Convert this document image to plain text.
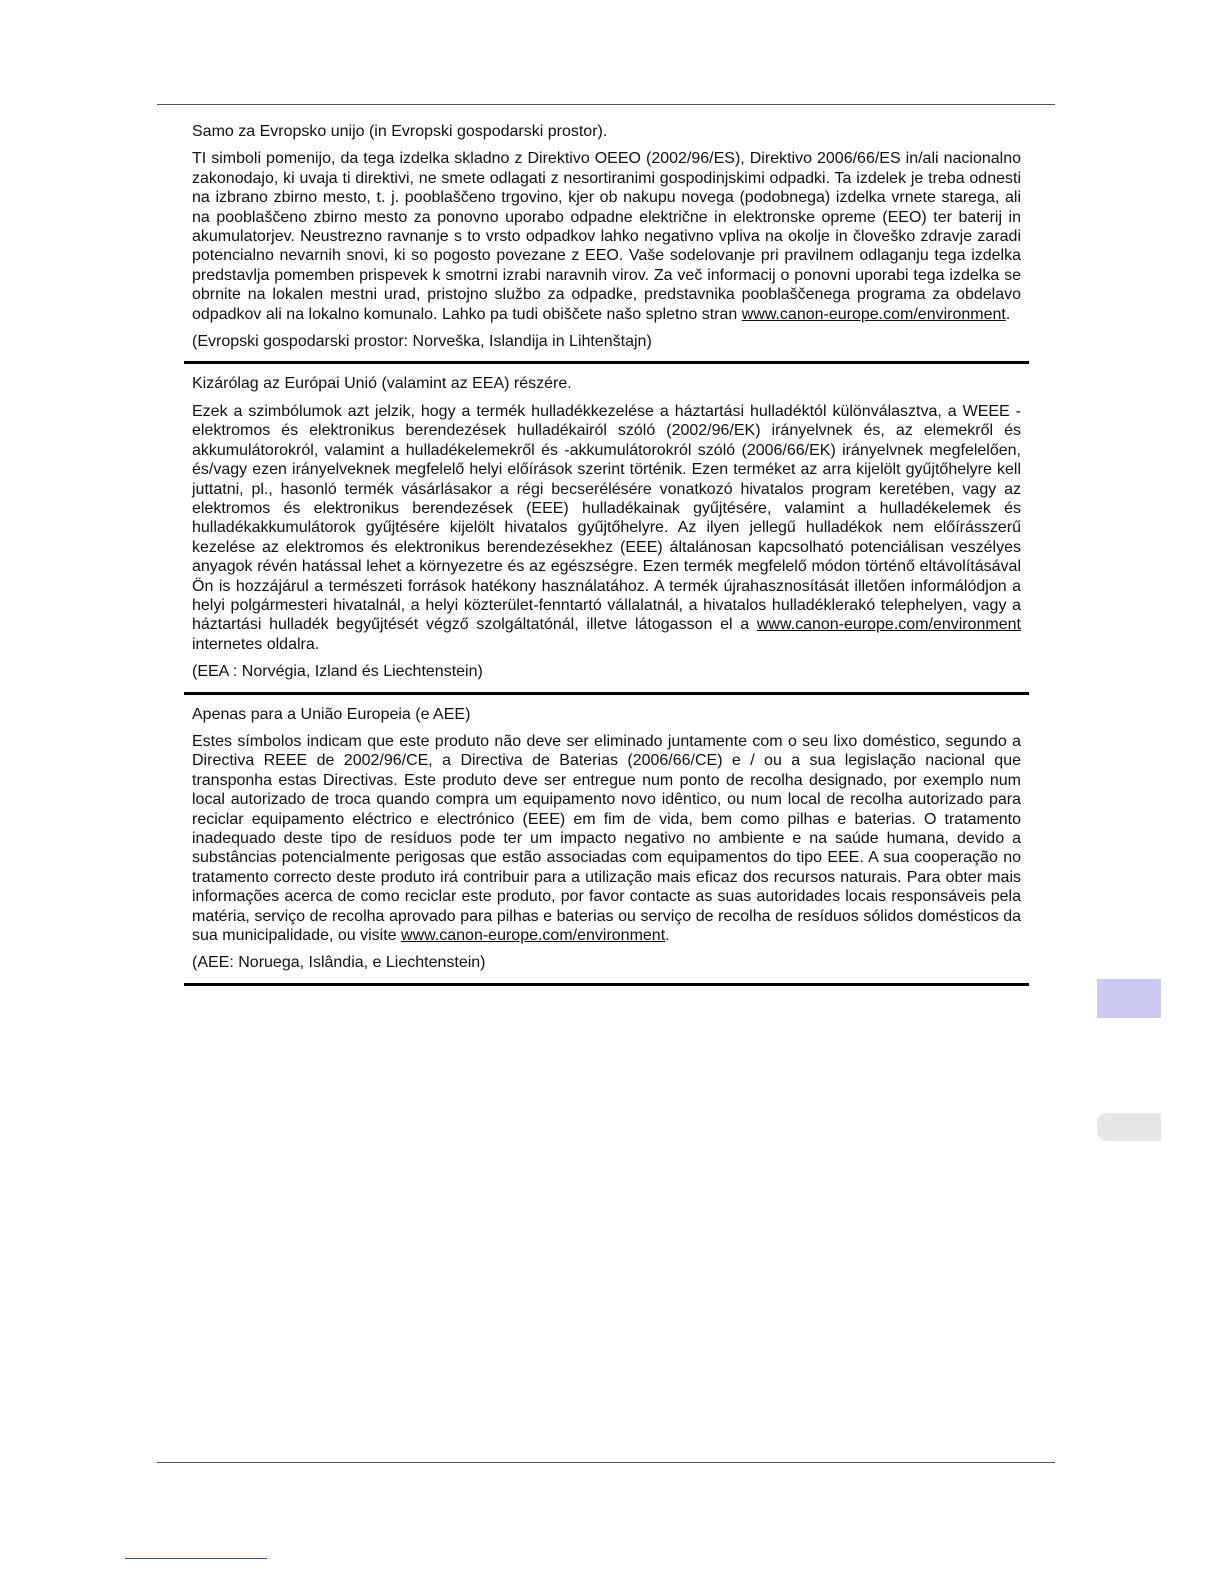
Samo za Evropsko unijo (in Evropski gospodarski prostor).

TI simboli pomenijo, da tega izdelka skladno z Direktivo OEEO (2002/96/ES), Direktivo 2006/66/ES in/ali nacionalno zakonodajo, ki uvaja ti direktivi, ne smete odlagati z nesortiranimi gospodinjskimi odpadki. Ta izdelek je treba odnesti na izbrano zbirno mesto, t. j. pooblaščeno trgovino, kjer ob nakupu novega (podobnega) izdelka vrnete starega, ali na pooblaščeno zbirno mesto za ponovno uporabo odpadne električne in elektronske opreme (EEO) ter baterij in akumulatorjev. Neustrezno ravnanje s to vrsto odpadkov lahko negativno vpliva na okolje in človeško zdravje zaradi potencialno nevarnih snovi, ki so pogosto povezane z EEO. Vaše sodelovanje pri pravilnem odlaganju tega izdelka predstavlja pomemben prispevek k smotrni izrabi naravnih virov. Za več informacij o ponovni uporabi tega izdelka se obrnite na lokalen mestni urad, pristojno službo za odpadke, predstavnika pooblaščenega programa za obdelavo odpadkov ali na lokalno komunalo. Lahko pa tudi obiščete našo spletno stran www.canon-europe.com/environment.

(Evropski gospodarski prostor: Norveška, Islandija in Lihtenštajn)

Kizárólag az Európai Unió (valamint az EEA) részére.

Ezek a szimbólumok azt jelzik, hogy a termék hulladékkezelése a háztartási hulladéktól különválasztva, a WEEE - elektromos és elektronikus berendezések hulladékairól szóló (2002/96/EK) irányelvnek és, az elemekről és akkumulátorokról, valamint a hulladékelemekről és -akkumulátorokról szóló (2006/66/EK) irányelvnek megfelelően, és/vagy ezen irányelveknek megfelelő helyi előírások szerint történik. Ezen terméket az arra kijelölt gyűjtőhelyre kell juttatni, pl., hasonló termék vásárlásakor a régi becserélésére vonatkozó hivatalos program keretében, vagy az elektromos és elektronikus berendezések (EEE) hulladékainak gyűjtésére, valamint a hulladékelemek és hulladékakkumulátorok gyűjtésére kijelölt hivatalos gyűjtőhelyre. Az ilyen jellegű hulladékok nem előírásszerű kezelése az elektromos és elektronikus berendezésekhez (EEE) általánosan kapcsolható potenciálisan veszélyes anyagok révén hatással lehet a környezetre és az egészségre. Ezen termék megfelelő módon történő eltávolításával Ön is hozzájárul a természeti források hatékony használatához. A termék újrahasznosítását illetően informálódjon a helyi polgármesteri hivatalnál, a helyi közterület-fenntartó vállalatnál, a hivatalos hulladéklerakó telephelyen, vagy a háztartási hulladék begyűjtését végző szolgáltatónál, illetve látogasson el a www.canon-europe.com/environment internetes oldalra.

(EEA : Norvégia, Izland és Liechtenstein)

Apenas para a União Europeia (e AEE)

Estes símbolos indicam que este produto não deve ser eliminado juntamente com o seu lixo doméstico, segundo a Directiva REEE de 2002/96/CE, a Directiva de Baterias (2006/66/CE) e / ou a sua legislação nacional que transponha estas Directivas. Este produto deve ser entregue num ponto de recolha designado, por exemplo num local autorizado de troca quando compra um equipamento novo idêntico, ou num local de recolha autorizado para reciclar equipamento eléctrico e electrónico (EEE) em fim de vida, bem como pilhas e baterias. O tratamento inadequado deste tipo de resíduos pode ter um impacto negativo no ambiente e na saúde humana, devido a substâncias potencialmente perigosas que estão associadas com equipamentos do tipo EEE. A sua cooperação no tratamento correcto deste produto irá contribuir para a utilização mais eficaz dos recursos naturais. Para obter mais informações acerca de como reciclar este produto, por favor contacte as suas autoridades locais responsáveis pela matéria, serviço de recolha aprovado para pilhas e baterias ou serviço de recolha de resíduos sólidos domésticos da sua municipalidade, ou visite www.canon-europe.com/environment.

(AEE: Noruega, Islândia, e Liechtenstein)
